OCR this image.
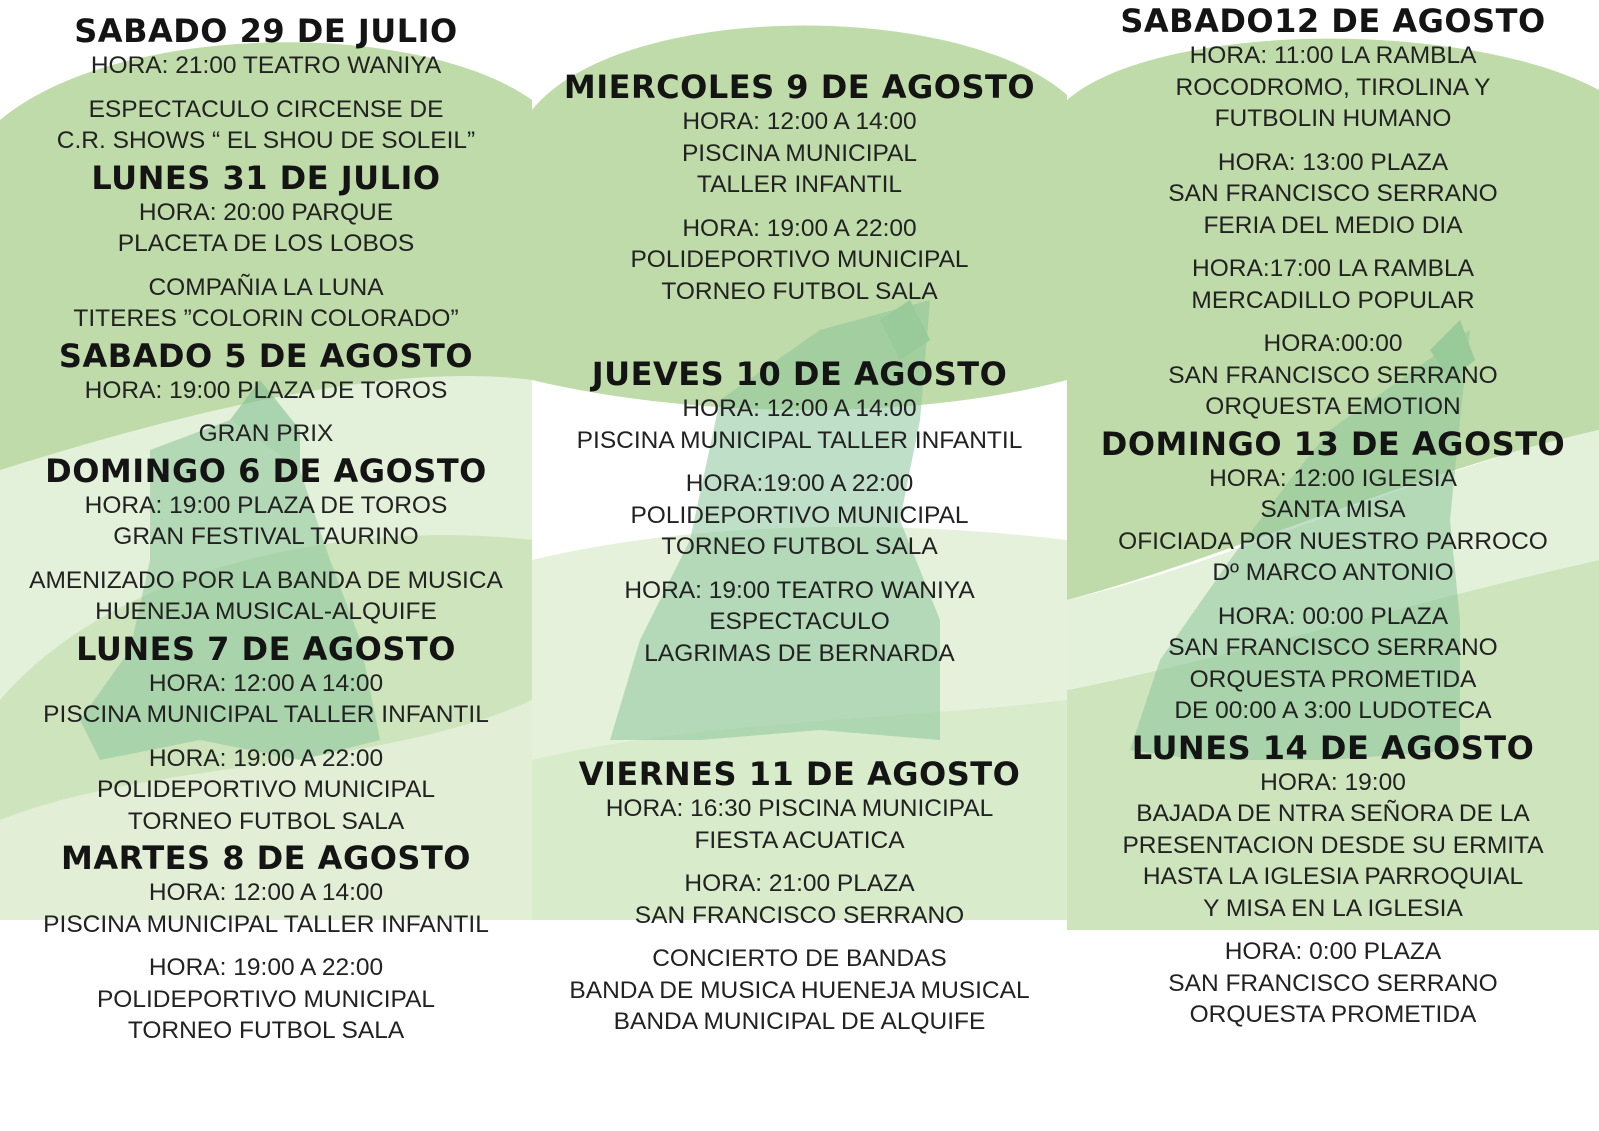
SABADO 29 DE JULIO
HORA: 21:00 TEATRO WANIYA
ESPECTACULO CIRCENSE DE
C.R. SHOWS “ EL SHOU DE SOLEIL”
LUNES 31 DE JULIO
HORA: 20:00 PARQUE
PLACETA DE LOS LOBOS
COMPAÑIA LA LUNA
TITERES ”COLORIN COLORADO”
SABADO 5 DE AGOSTO
HORA: 19:00 PLAZA DE TOROS
GRAN PRIX
DOMINGO 6 DE AGOSTO
HORA: 19:00 PLAZA DE TOROS
GRAN FESTIVAL TAURINO
AMENIZADO POR LA BANDA DE MUSICA
HUENEJA MUSICAL-ALQUIFE
LUNES 7 DE AGOSTO
HORA: 12:00 A 14:00
PISCINA MUNICIPAL TALLER INFANTIL
HORA: 19:00 A 22:00
POLIDEPORTIVO MUNICIPAL
TORNEO FUTBOL SALA
MARTES 8 DE AGOSTO
HORA: 12:00 A 14:00
PISCINA MUNICIPAL TALLER INFANTIL
HORA: 19:00 A 22:00
POLIDEPORTIVO MUNICIPAL
TORNEO FUTBOL SALA
MIERCOLES 9 DE AGOSTO
HORA: 12:00 A 14:00
PISCINA MUNICIPAL
TALLER INFANTIL
HORA: 19:00 A 22:00
POLIDEPORTIVO MUNICIPAL
TORNEO FUTBOL SALA
JUEVES 10 DE AGOSTO
HORA: 12:00 A 14:00
PISCINA MUNICIPAL TALLER INFANTIL
HORA:19:00 A 22:00
POLIDEPORTIVO MUNICIPAL
TORNEO FUTBOL SALA
HORA: 19:00 TEATRO WANIYA
ESPECTACULO
LAGRIMAS DE BERNARDA
VIERNES 11 DE AGOSTO
HORA: 16:30 PISCINA MUNICIPAL
FIESTA ACUATICA
HORA: 21:00 PLAZA
SAN FRANCISCO SERRANO
CONCIERTO DE BANDAS
BANDA DE MUSICA HUENEJA MUSICAL
BANDA MUNICIPAL DE ALQUIFE
SABADO12 DE AGOSTO
HORA: 11:00 LA RAMBLA
ROCODROMO, TIROLINA Y
FUTBOLIN HUMANO
HORA: 13:00 PLAZA
SAN FRANCISCO SERRANO
FERIA DEL MEDIO DIA
HORA:17:00 LA RAMBLA
MERCADILLO POPULAR
HORA:00:00
SAN FRANCISCO SERRANO
ORQUESTA EMOTION
DOMINGO 13 DE AGOSTO
HORA: 12:00 IGLESIA
SANTA MISA
OFICIADA POR NUESTRO PARROCO
Dº MARCO ANTONIO
HORA: 00:00 PLAZA
SAN FRANCISCO SERRANO
ORQUESTA PROMETIDA
DE 00:00 A 3:00 LUDOTECA
LUNES 14 DE AGOSTO
HORA: 19:00
BAJADA DE NTRA SEÑORA DE LA
PRESENTACION DESDE SU ERMITA
HASTA LA IGLESIA PARROQUIAL
Y MISA EN LA IGLESIA
HORA: 0:00 PLAZA
SAN FRANCISCO SERRANO
ORQUESTA PROMETIDA
